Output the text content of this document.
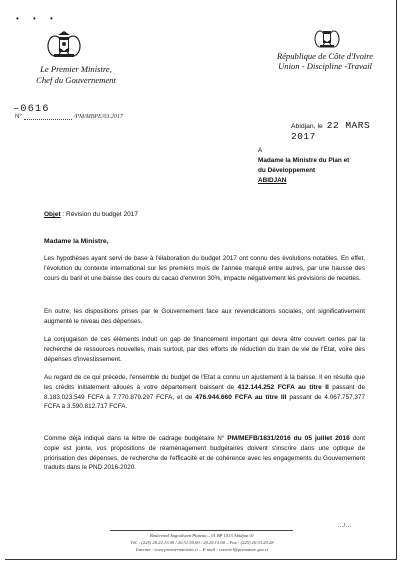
• • •
Le Premier Ministre,
Chef du Gouvernement
République de Côte d'Ivoire
Union - Discipline -Travail
–0616
N°	/PM/MBPE/03.2017
Abidjan, le 22 MARS 2017
A
Madame la Ministre du Plan et
du Développement
ABIDJAN
Objet : Révision du budget 2017
Madame la Ministre,
Les hypothèses ayant servi de base à l'élaboration du budget 2017 ont connu des évolutions notables. En effet, l'évolution du contexte international sur les premiers mois de l'année marqué entre autres, par une hausse des cours du baril et une baisse des cours du cacao d'environ 30%, impacte négativement les prévisions de recettes.
En outre, les dispositions prises par le Gouvernement face aux revendications sociales, ont significativement augmenté le niveau des dépenses.
La conjugaison de ces éléments induit un gap de financement important qui devra être couvert certes par la recherche de ressources nouvelles, mais surtout, par des efforts de réduction du train de vie de l'Etat, voire des dépenses d'investissement.
Au regard de ce qui précède, l'ensemble du budget de l'Etat a connu un ajustement à la baisse. Il en résulte que les crédits initialement alloués à votre département baissent de 412.144.252 FCFA au titre II passant de 8.183.023.549 FCFA à 7.770.879.297 FCFA, et de 476.944.660 FCFA au titre III passant de 4.067.757.377 FCFA à 3.590.812.717 FCFA.
Comme déjà indiqué dans la lettre de cadrage budgétaire N° PM/MEFB/1831/2016 du 05 juillet 2016 dont copie est jointe, vos propositions de réaménagement budgétaires doivent s'inscrire dans une optique de priorisation des dépenses, de recherche de l'efficacité et de cohérence avec les engagements du Gouvernement traduits dans le PND 2016-2020.
…/…
Boulevard Angoulvant Plateau – 01 BP 1533 Abidjan 01
Tél. : (225) 20.22.13.00 / 20.31.50.00 / 20.25.13.00 – Fax : (225) 20.33.20.28
Internet : www.premierministre.ci – E-mail : courriel@primature.gov.ci
